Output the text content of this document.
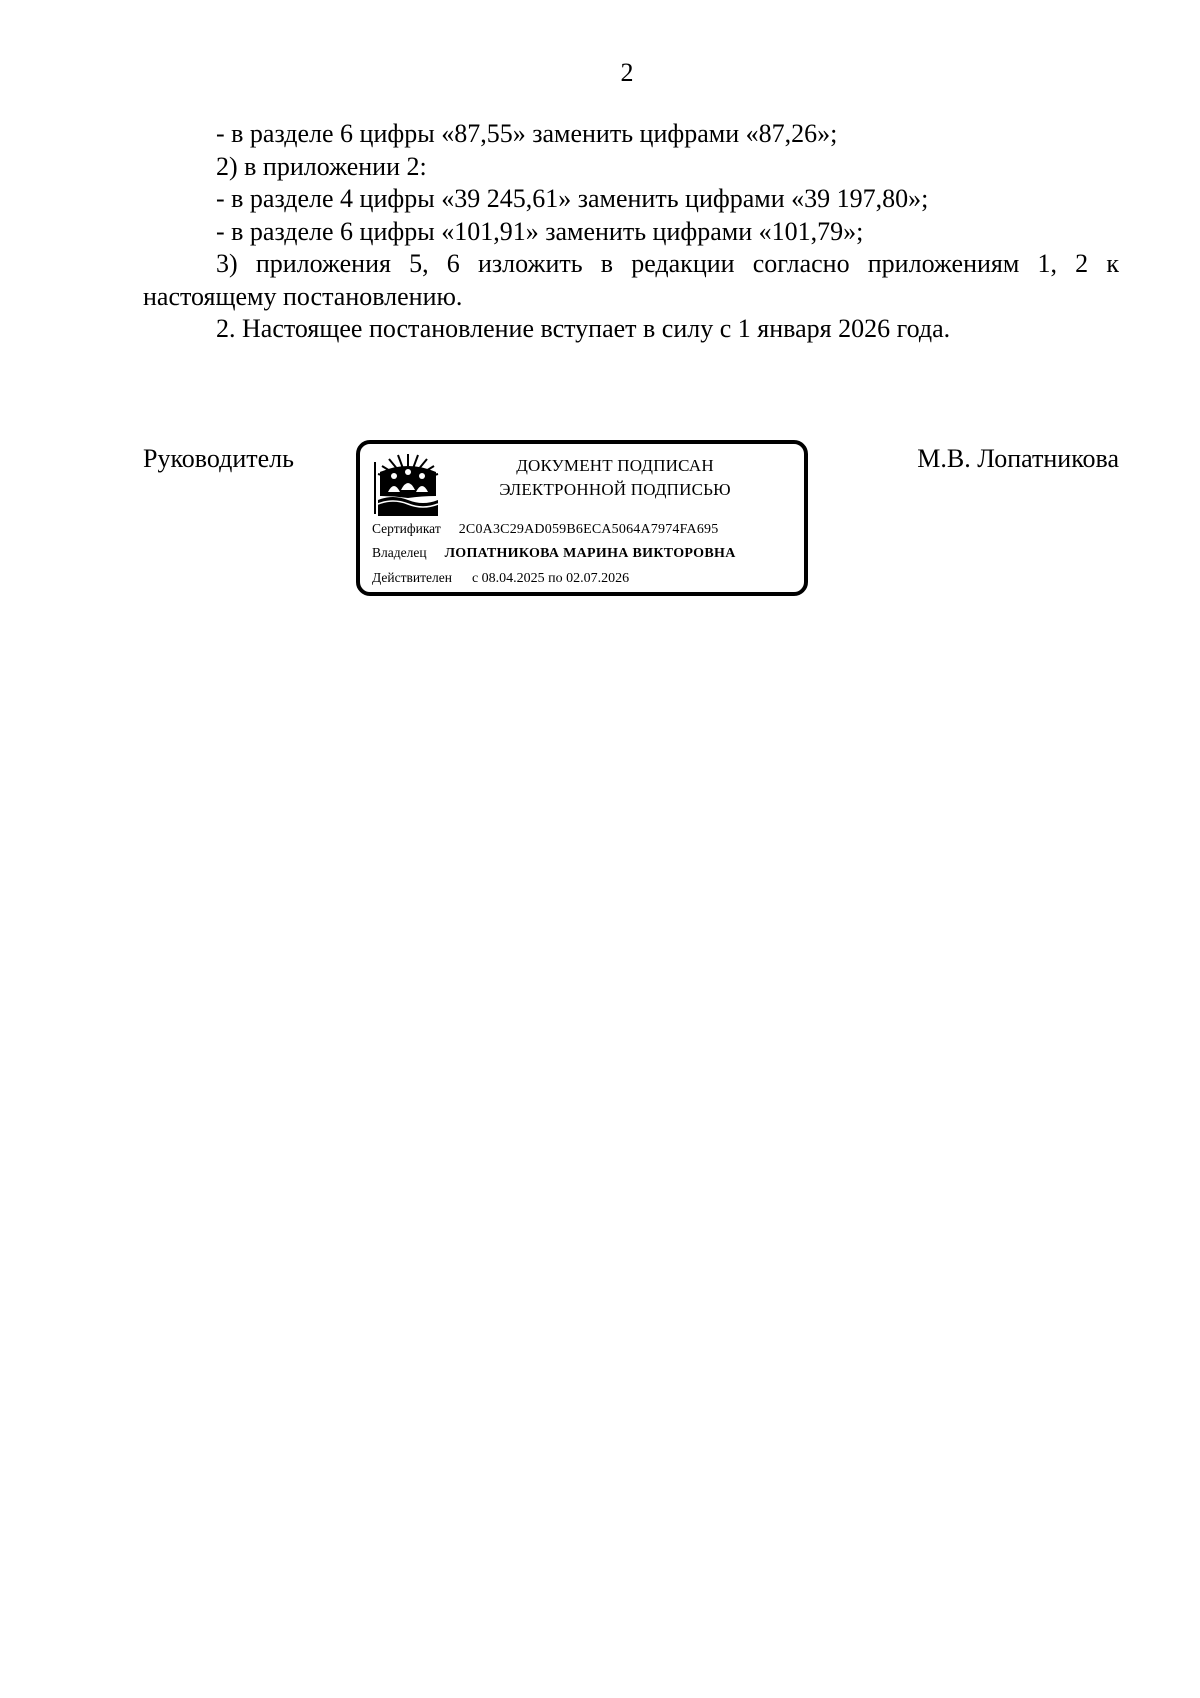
2

- в разделе 6 цифры «87,55» заменить цифрами «87,26»;

2) в приложении 2:

- в разделе 4 цифры «39 245,61» заменить цифрами «39 197,80»;

- в разделе 6 цифры «101,91» заменить цифрами «101,79»;

3) приложения 5, 6 изложить в редакции согласно приложениям 1, 2 к настоящему постановлению.

2. Настоящее постановление вступает в силу с 1 января 2026 года.

Руководитель	ДОКУМЕНТ ПОДПИСАН
ЭЛЕКТРОННОЙ ПОДПИСЬЮ
Сертификат 2C0A3C29AD059B6ECA5064A7974FA695
Владелец ЛОПАТНИКОВА МАРИНА ВИКТОРОВНА
Действителен с 08.04.2025 по 02.07.2026
М.В. Лопатникова
